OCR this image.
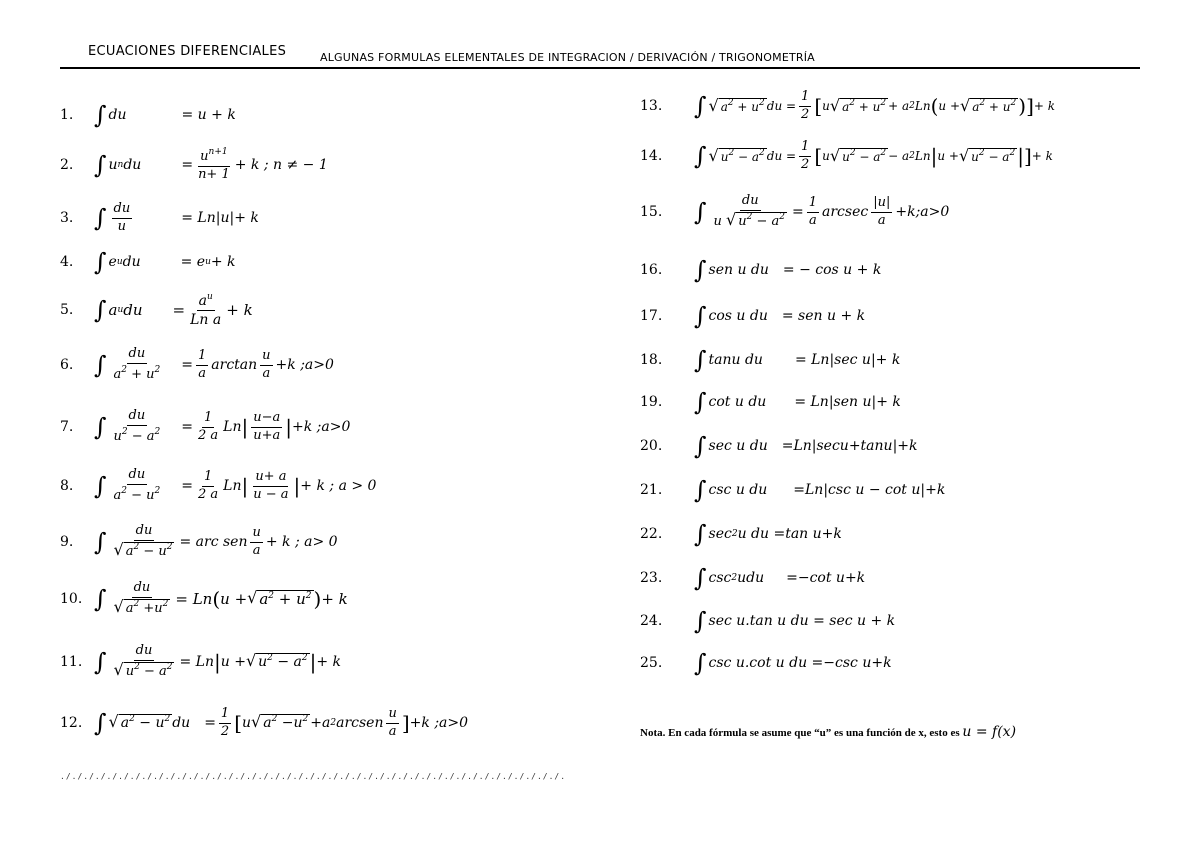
ECUACIONES DIFERENCIALES	ALGUNAS FORMULAS ELEMENTALES DE INTEGRACION / DERIVACIÓN / TRIGONOMETRÍA
1. ∫ du	= u + k
2. ∫ u n du	=
$u^{n+1}$
n+ 1
+ k ; n ≠ − 1
3. ∫ du
u	= Ln | u | + k
4. ∫ e u du	= e u + k
5. ∫ a u du =
$a^u$
Ln a
+ k
6. ∫ du
$a^2 + u^2$ =
1
a arctan
u
a +k ;a>0
7. ∫ du
$u^2 - a^2$ =
1
2 a Ln | u−a
u+a | +k ;a>0
8. ∫ du
$a^2 - u^2$ =
1
2 a Ln | u+ a
u − a | + k ; a > 0
9. ∫ du
√ $a^2 - u^2$ = arc sen
u
a + k ; a> 0
10. ∫ du
√ $a^2 +u^2 = Ln$ ( u + √ $a^2 + u^2$ ) + k
11. ∫ du
√ $u^2 - a^2 = Ln$ | u + √ $u^2 - a^2$ | + k
12. ∫ √ $a^2 - u^2$ du =
1
2 [ u √ $a^2 -u^2 +a$ 2 arcsen
u
a ] +k ;a>0
13.	∫ √ $a^2 + u^2$ du =
1
2 [ u √ $a^2 + u^2 + a$ 2 Ln ( u + √ $a^2 + u^2$ ) ] + k
14.	∫ √ $u^2 - a^2$ du =
1
2 [ u √ $u^2 - a^2 - a$ 2 Ln | u + √ $u^2 - a^2$ | ] + k
15.	∫	du
u √ $u^2 - a^2$ =
1
a arcsec
|u|
a +k;a>0
16.	∫ sen u du = − cos u + k
17.	∫ cos u du = sen u + k
18.	∫ tanu du = Ln | sec u | + k
19.	∫ cot u du = Ln | sen u | + k
20.	∫ sec u du =Ln | secu+tanu | +k
21.	∫ csc u du =Ln | csc u − cot u | +k
22.	∫ sec 2 u du =tan u+k
23.	∫ csc 2 udu =−cot u+k
24.	∫ sec u.tan u du = sec u + k
25.	∫ csc u.cot u du =−csc u+k
Nota. En cada fórmula se asume que “u” es una función de x, esto es u = f(x)
./././././././././././././././././././././././././././././././././././././././././././.
